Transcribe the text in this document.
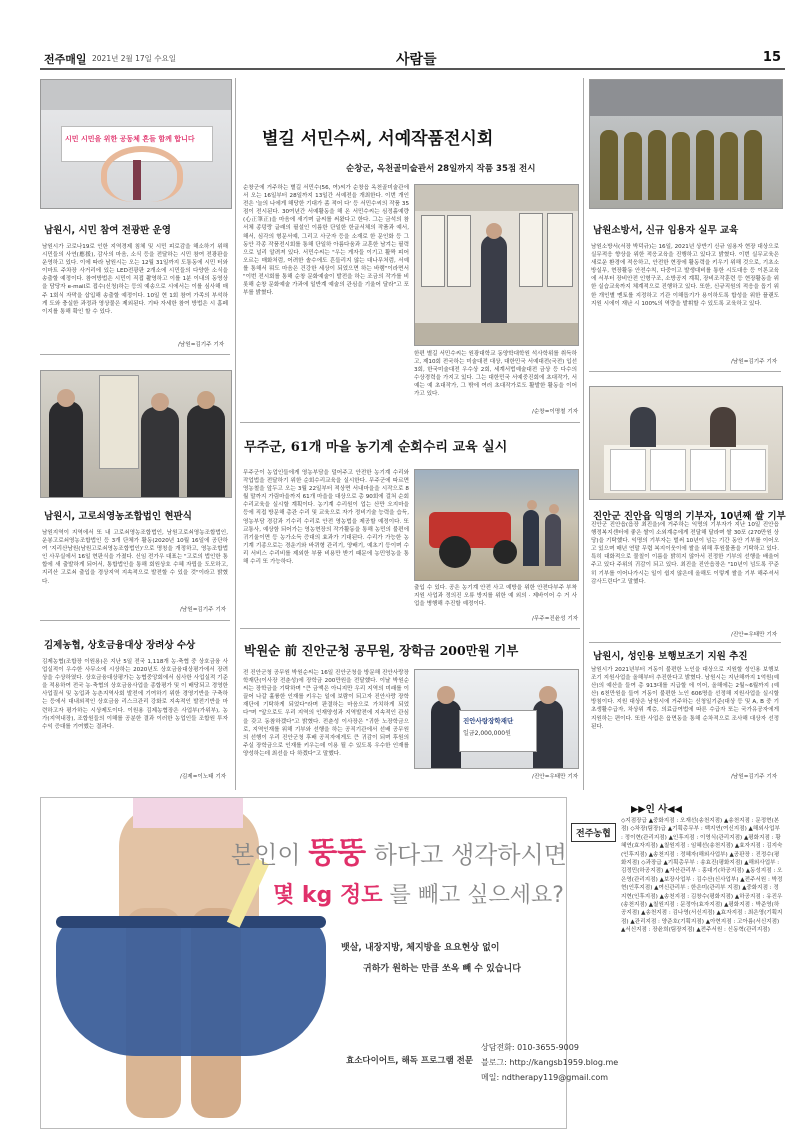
전주매일 2021년 2월 17일 수요일	사람들	15
시민 시민을 위한 공동체 흔들 함께 합니다
남원시, 시민 참여 전광판 운영
남원시가 코로나19로 인한 지역경제 침체 및 시민 피로감을 해소하기 위해 시민들의 사연(應援), 감사의 마음, 소식 등을 전달하는 시민 참여 전광판을 운영하고 있다. 이에 따라 남원시는 오는 12월 31일까지 도통동에 시민 터와 이마트 주차장 사거리에 있는 LED전광판 2개소에 시민들의 다양한 소식을 송출할 예정이다. 참여방법은 시민이 직접 촬영하고 이를 1분 이내의 동영상을 담당자 e-mail로 접수(신청)하는 등의 예송으로 시에서는 이를 심사해 매주 1회식 자막을 삽입해 송출할 예정이다. 10일 현 1회 참여 가족의 부석하게 도와 충실한 과정과 영상물은 제외된다. 기타 자세한 참여 방법은 시 홈페이지를 통해 확인 할 수 있다.
/남원=김기주 기자
남원시, 고로쇠영농조합법인 현판식
남원지역이 지역에서 또 내 고로쇠영농조합법인, 남원고로쇠영농조합법인, 운봉고로쇠영농조합법인 등 3개 단체가 활동(2020년 10월 16일에 공단하여 '지리산남원(남원고로쇠영농조합법인)'으로 명칭을 개정하고, 영농조합법인 사무실에서 16일 현판식을 가졌다. 신임 전가우 대표는 "고로의 법인한 통합에 새 출발하게 되어서, 통합법인을 통해 회원상호 수혜 자립을 도모하고, 지리산 고로쇠 출입을 경상지역 지속적으로 발전할 수 있을 것"이라고 밝혔다.
/남원=김기주 기자
김제농협, 상호금융대상 장려상 수상
김제농협(조합장 이원용)은 지난 5일 전국 1,118개 농·축협 중 상호금융 사업실적이 우수한 사무소에 시상하는 2020년도 상호금융대상평가에서 장려상을 수상하였다. 상호금융대상평가는 농협중앙회에서 심사한 사업실적 기준을 적용하여 전국 농·축협의 상호금융사업을 종합평가 및 이 배당되고 경영한 사업질서 및 농업과 농촌지역사회 발전에 기여하기 위한 경영기반을 구축하는 등에서 대내외적인 상호금융 리스크관리 강화로 지속적인 발전기반을 마련하고자 평가하는 시상제도이다. 이원용 김제농협장은 사업부(가위부), 농가(지역내장), 조합원들의 이해를 공분한 결과 이러한 농업인들 조합원 투자수익 증대를 기여했는 결과다.
/김제=이노태 기자
별길 서민수씨, 서예작품전시회
순창군, 옥천골미술관서 28일까지 작품 35점 전시
순창군에 거주하는 별길 서민수(56, 여)씨가 순창읍 옥천골미술관에서 오는 16일부터 28일까지 13일간 서예전을 개최한다. 이번 개인전은 '늘의 나에게 해당한 기대가 좀 적어 다' 등 서민수씨의 작품 35점이 전시된다. 30여년간 서예활동을 해 온 서민수씨는 심정흙예량(心正筆正)을 마음에 새기며 글씨를 써왔다고 한다. 그는 금석의 참 서체 종덩랑 글래의 필설인 이름한 단일한 한글서체의 작품과 예서, 해서, 심각의 형문서예, 그리고 사군자 등을 소재로 한 문인화 등 그동안 각종 작품전시회를 통해 단일하 아름다움과 교혼한 남겨는 필력으로 널리 알려져 있다. 서민수씨는 "우는 게자들 이기고 활짝 피어오르는 매화처럼, 어려한 솔수에도 흔들리지 않는 대나무처럼, 서예를 통해서 뭐도 마음은 건강한 세상이 되었으면 하는 바램"이라면서 "이번 전시회를 통해 순창 문화예술이 발전을 하는 조금의 작가를 비롯해 순창 문화예술 가과에 일반계 예술의 관심을 기울어 달라"고 포부를 밝혔다.
한편 별길 서민수씨는 원광대학교 동양학대학원 석사학위를 취득하고, 제10회 전국하는 미술대전 대상, 대한민국 서예대전(국전) 입선 3회, 한국미술대전 우수상 2회, 세계서법예술대전 금상 등 다수의 수상경력을 가지고 있다. 그는 대한민국 서예중진회에 초대작가, 서예는 예 초대작가, 그 밖에 여러 초대작가로도 활발한 활동을 이어가고 있다.
/순창=이명철 기자
무주군, 61개 마을 농기계 순회수리 교육 실시
무주군이 농업인들에게 영농부담을 덜어주고 안전한 농기계 수리와 작업법을 전달하기 위한 순회수리교육을 실시한다. 무주군에 따르면 영농철을 앞두고 오는 3월 22일부터 적상면 서내마을을 시작으로 8월 말까지 가림마을까지 61개 마을을 대상으로 총 90회에 걸쳐 순회 수리교육을 실시할 계획이다. 농기계 수리원이 업는 산만 오지마을 등에 직접 방문해 총관 수리 및 교육으로 자가 정비기술 능력을 습득, 영농부담 경감과 기수리 수리로 안전 영농법을 제공할 예정이다. 또 교통사, 예상함 되어가는 영농현장의 작가활동을 통해 농민의 불편에 귀기울이면 등 농가소득 증대의 효과가 기대된다. 수리가 가능한 농기계 기종으로는 경운기와 바퀴형 관리기, 양배기, 예초기 등이며 수리 서비스 수리비를 제외한 부품 비용만 받기 때문에 농민영농을 통해 수리 또 가능하다.
출입 수 있다. 공은 농기계 안전 사고 예방을 위한 안전다부주 부착 지원 사업과 정의진 오류 방지를 위한 예 외의 · 제바이어 수 거 사업을 병행해 추진할 예정이다.
/무주=진윤성 기자
박원순 前 진안군청 공무원, 장학금 200만원 기부
전 진안군청 공무원 박원순씨는 16일 진안군청을 방문해 진안사랑장학재단(이사장 전춘성)에 장학금 200만원을 전달했다. 이날 박원순씨는 장학금을 기탁하며 "큰 금액은 아니지만 우리 지역의 미래를 이끌어 나갈 훌륭한 인재를 키우는 일에 보람이 되고자 진안사랑 장학재단에 기탁하게 되었다"라며 판결하는 마음으로 가치하게 되었다"며 "앞으로도 우리 지역의 인재양성과 지역발전에 지속적인 관심을 갖고 동참하겠다"고 밝혔다. 전춘성 이사장은 "귀한 노장학금으로, 지역인재를 위해 기부와 선행을 하는 공직기관에서 선배 공무원의 선행이 우리 진안군청 후배 공직자에게도 큰 귀감이 되며 후원의 주실 장학금으로 인재를 키우는데 이용 될 수 있도록 우수한 인재를 양성하는데 최선을 다 하겠다"고 말했다.
진안사랑장학재단
일금2,000,000원
/진안=우태만 기자
남원소방서, 신규 임용자 실무 교육
남원소방서(서장 박덕규)는 16일, 2021년 상반기 신규 임용자 현장 대상으로 실무적응 향상을 위한 적응교육을 진행하고 있다고 밝혔다. 이번 실무교육은 새로운 환경에 적응하고, 안전한 현장에 활동력을 키우기 위해 것으로, 기초소방실무, 현장활동 안전수칙, 다중이고 발생대비를 통한 시도대응 등 이론교육에 서부터 장비안전 인형구조, 소방공지 계획, 장비조작훈련 등 현장활동을 위한 실습교육까지 체계적으로 진행하고 있다. 또한, 신규직원의 적응을 돕기 위한 개인별 멘토를 지정하고 기관 이해돕기가 용이하도록 합성을 위한 플랜도 지원 시에이 재난 시 100%의 역량을 발휘할 수 있도록 교육하고 있다.
/남원=김기주 기자
진안군 진안읍 익명의 기부자, 10년째 쌀 기부
진안군 진안읍(읍장 최진을)에 거주하는 익명의 기부자가 지난 10일 진안읍 행정복지센터에 좋은 쌀이 소외계층에게 전달해 달라며 쌀 30포 (270만원 상당)을 기탁했다. 익명의 기부자는 벌써 10년이 넘는 기간 동안 기부를 이어오고 있으며 매년 연말 무렵 복지이웃이에 쌀을 위해 후원물품을 기탁하고 있다. 특히 대화적으로 물칠이 이름을 밝히지 않아서 진정한 기부의 선행을 배울어주고 있다 주위의 귀감이 되고 있다. 최진을 진안읍장은 "10년이 넘도록 꾸준히 기부를 이어나가시는 일이 쉽지 않은데 올해도 이렇게 쌀을 기부 해주셔서 감사드린다"고 말했다.
/진안=우태만 기자
남원시, 성인용 보행보조기 지원 추진
남원시가 2021년부터 거동이 불편한 노인을 대상으로 지원할 성인용 보행보조기 지원사업을 올해부터 추진한다고 밝혔다. 남원시는 지난해까지 1억원(예산)의 예산을 들여 총 913대를 지급할 에 이어, 올해에는 2월~6월까지 (예산) 6천만원을 들여 거동이 불편한 노인 606명을 선정해 지원사업을 실시할 방침이다. 지원 대상은 남원시에 거주하는 신청일기준(대상 등 및 A, B 중 기초생활수급자, 차상위 계층, 의료급여법에 따른 수급자 또는 국가유공자에게 지원하는 편이다. 또한 사업은 읍면동을 통해 순차적으로 조사해 대상자 선정된다.
/남원=김기주 기자
본인이 뚱뚱 하다고 생각하시면
몇 kg 정도 를 빼고 싶으세요?
뱃살, 내장지방, 체지방을 요요현상 없이
귀하가 원하는 만큼 쏘옥 빼 수 있습니다
효소다이어트, 해독 프로그램 전문
상담전화: 010-3655-9009
블로그: http://kangsb1959.blog.me
메일: ndtherapy119@gmail.com
▶▶인 사◀◀
전주농협
◇지점장급 ▲중화지점 : 오재선(송천지점) ▲송천지점 : 문정현(본점) ◇차장(팀장)급 ▲기획총무부 : 백지연(여신지점) ▲해외사업부 : 정이현(관리지점) ▲인후지점 : 이영식(관리지점) ▲평화지점 : 황혜연(효자지점) ▲칠원지점 : 임혜선(송천지점) ▲효자지점 : 김지숙(인후지점) ▲송천지점 : 정혜자(해외사업부) ▲공판장 : 진정수(평화지점) ◇과장급 ▲기획총무부 : 송효진(평화지점) ▲해외사업부 : 김정민(하공지점) ▲자산관리부 : 홍대기(하공지점) ▲동성지점 : 오은영(관리지점) ▲보장사업부 : 김수산(신사업부) ▲전주서원 : 박정현(인후지점) ▲여신관리부 : 한은미(관리부 지점) ▲중화지점 : 정지현(인후지점) ▲송천지점 : 김창수(평화지점) ▲하공지점 : 유진우(송천지점) ▲칠원지점 : 문정아(효자지점) ▲평화지점 : 박준영(하공지점) ▲송천지점 : 김나영(서신지점) ▲효자지점 : 최은영(기획지점) ▲관리지점 : 양준호(기획지점) ▲아현지점 : 고아름(서신지점) ▲서신지점 : 장윤희(팀장지점) ▲전주서원 : 신동혁(관리지점)
